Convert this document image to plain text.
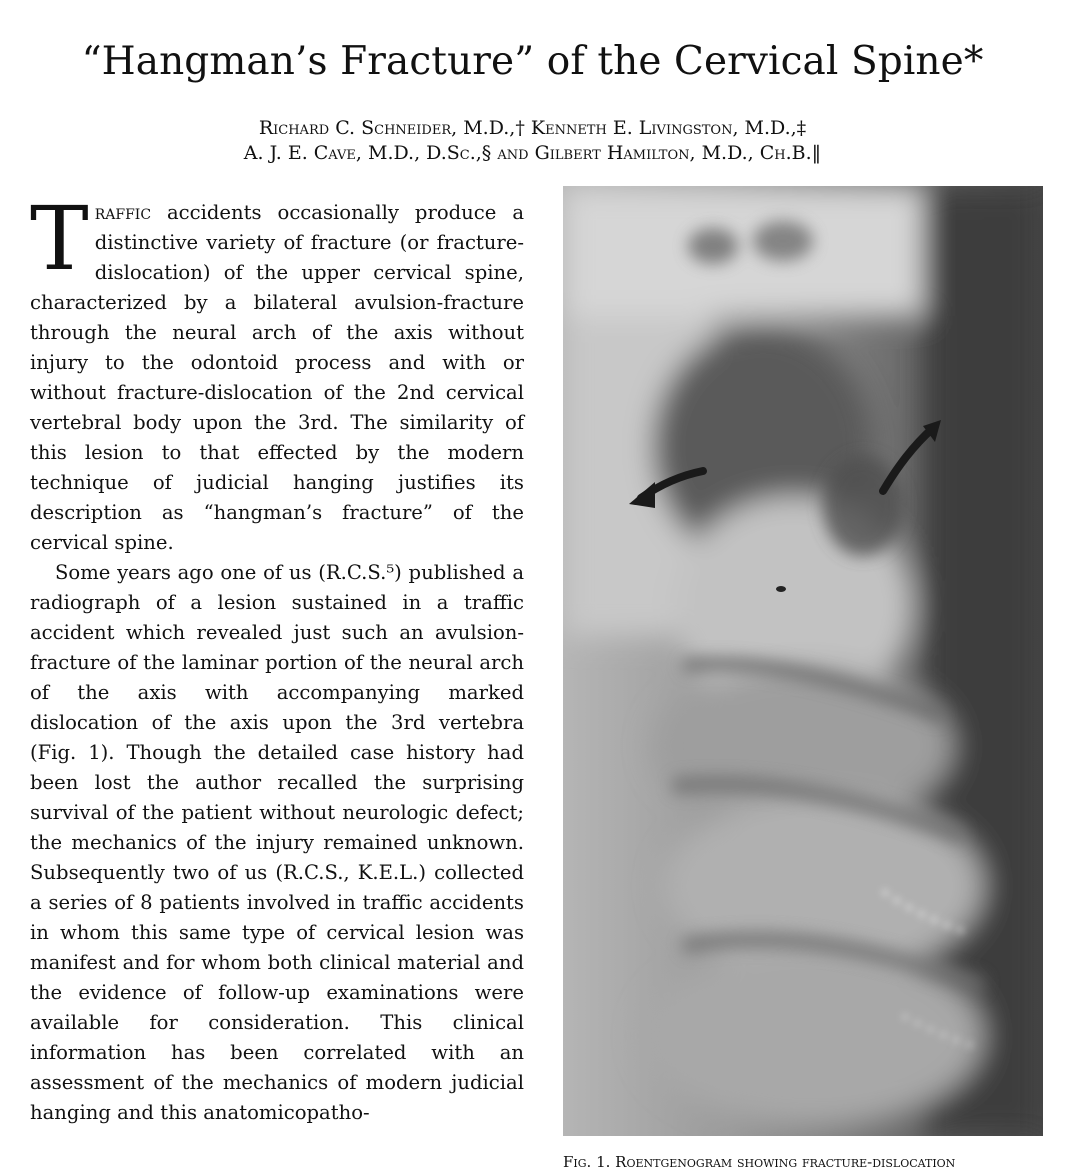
“Hangman’s Fracture” of the Cervical Spine*
Richard C. Schneider, M.D.,† Kenneth E. Livingston, M.D.,‡
A. J. E. Cave, M.D., D.Sc.,§ and Gilbert Hamilton, M.D., Ch.B.‖

Traffic accidents occasionally produce a distinctive variety of fracture (or fracture-dislocation) of the upper cervical spine, characterized by a bilateral avulsion-fracture through the neural arch of the axis without injury to the odontoid process and with or without fracture-dislocation of the 2nd cervical vertebral body upon the 3rd. The similarity of this lesion to that effected by the modern technique of judicial hanging justifies its description as “hangman’s fracture” of the cervical spine.

Some years ago one of us (R.C.S.⁵) published a radiograph of a lesion sustained in a traffic accident which revealed just such an avulsion-fracture of the laminar portion of the neural arch of the axis with accompanying marked dislocation of the axis upon the 3rd vertebra (Fig. 1). Though the detailed case history had been lost the author recalled the surprising survival of the patient without neurologic defect; the mechanics of the injury remained unknown. Subsequently two of us (R.C.S., K.E.L.) collected a series of 8 patients involved in traffic accidents in whom this same type of cervical lesion was manifest and for whom both clinical material and the evidence of follow-up examinations were available for consideration. This clinical information has been correlated with an assessment of the mechanics of modern judicial hanging and this anatomicopatho-

Fig. 1. Roentgenogram showing fracture-dislocation
